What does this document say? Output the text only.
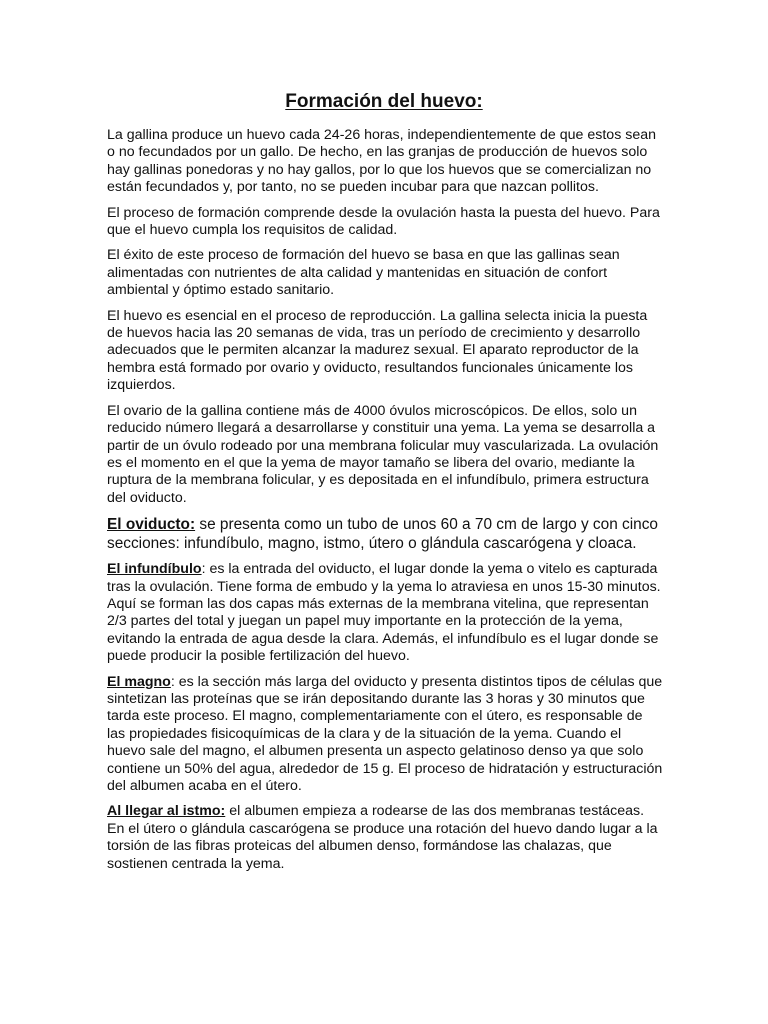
Formación del huevo:

La gallina produce un huevo cada 24-26 horas, independientemente de que estos sean o no fecundados por un gallo. De hecho, en las granjas de producción de huevos solo hay gallinas ponedoras y no hay gallos, por lo que los huevos que se comercializan no están fecundados y, por tanto, no se pueden incubar para que nazcan pollitos.

El proceso de formación comprende desde la ovulación hasta la puesta del huevo. Para que el huevo cumpla los requisitos de calidad.

El éxito de este proceso de formación del huevo se basa en que las gallinas sean alimentadas con nutrientes de alta calidad y mantenidas en situación de confort ambiental y óptimo estado sanitario.

El huevo es esencial en el proceso de reproducción. La gallina selecta inicia la puesta de huevos hacia las 20 semanas de vida, tras un período de crecimiento y desarrollo adecuados que le permiten alcanzar la madurez sexual. El aparato reproductor de la hembra está formado por ovario y oviducto, resultandos funcionales únicamente los izquierdos.

El ovario de la gallina contiene más de 4000 óvulos microscópicos. De ellos, solo un reducido número llegará a desarrollarse y constituir una yema. La yema se desarrolla a partir de un óvulo rodeado por una membrana folicular muy vascularizada. La ovulación es el momento en el que la yema de mayor tamaño se libera del ovario, mediante la ruptura de la membrana folicular, y es depositada en el infundíbulo, primera estructura del oviducto.

El oviducto: se presenta como un tubo de unos 60 a 70 cm de largo y con cinco secciones: infundíbulo, magno, istmo, útero o glándula cascarógena y cloaca.

El infundíbulo: es la entrada del oviducto, el lugar donde la yema o vitelo es capturada tras la ovulación. Tiene forma de embudo y la yema lo atraviesa en unos 15-30 minutos. Aquí se forman las dos capas más externas de la membrana vitelina, que representan 2/3 partes del total y juegan un papel muy importante en la protección de la yema, evitando la entrada de agua desde la clara. Además, el infundíbulo es el lugar donde se puede producir la posible fertilización del huevo.

El magno: es la sección más larga del oviducto y presenta distintos tipos de células que sintetizan las proteínas que se irán depositando durante las 3 horas y 30 minutos que tarda este proceso. El magno, complementariamente con el útero, es responsable de las propiedades fisicoquímicas de la clara y de la situación de la yema. Cuando el huevo sale del magno, el albumen presenta un aspecto gelatinoso denso ya que solo contiene un 50% del agua, alrededor de 15 g. El proceso de hidratación y estructuración del albumen acaba en el útero.

Al llegar al istmo: el albumen empieza a rodearse de las dos membranas testáceas. En el útero o glándula cascarógena se produce una rotación del huevo dando lugar a la torsión de las fibras proteicas del albumen denso, formándose las chalazas, que sostienen centrada la yema.
